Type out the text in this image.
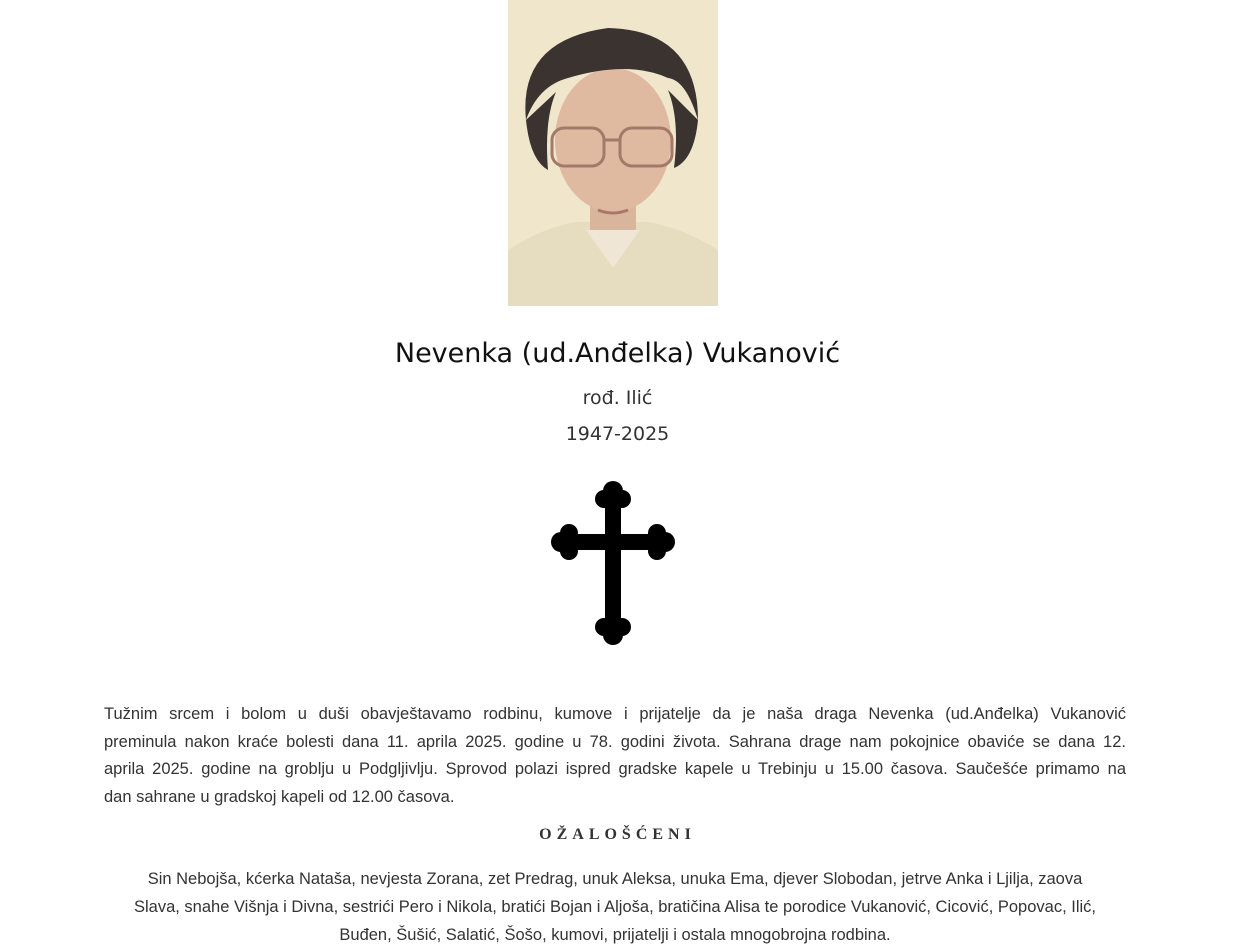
Nevenka (ud.Anđelka) Vukanović
rođ. Ilić
1947-2025
Tužnim srcem i bolom u duši obavještavamo rodbinu, kumove i prijatelje da je naša draga Nevenka (ud.Anđelka) Vukanović
preminula nakon kraće bolesti dana 11. aprila 2025. godine u 78. godini života. Sahrana drage nam pokojnice obaviće se dana 12.
aprila 2025. godine na groblju u Podgljivlju. Sprovod polazi ispred gradske kapele u Trebinju u 15.00 časova. Saučešće primamo na
dan sahrane u gradskoj kapeli od 12.00 časova.
OŽALOŠĆENI
Sin Nebojša, kćerka Nataša, nevjesta Zorana, zet Predrag, unuk Aleksa, unuka Ema, djever Slobodan, jetrve Anka i Ljilja, zaova
Slava, snahe Višnja i Divna, sestrići Pero i Nikola, bratići Bojan i Aljoša, bratičina Alisa te porodice Vukanović, Cicović, Popovac, Ilić,
Buđen, Šušić, Salatić, Šošo, kumovi, prijatelji i ostala mnogobrojna rodbina.
